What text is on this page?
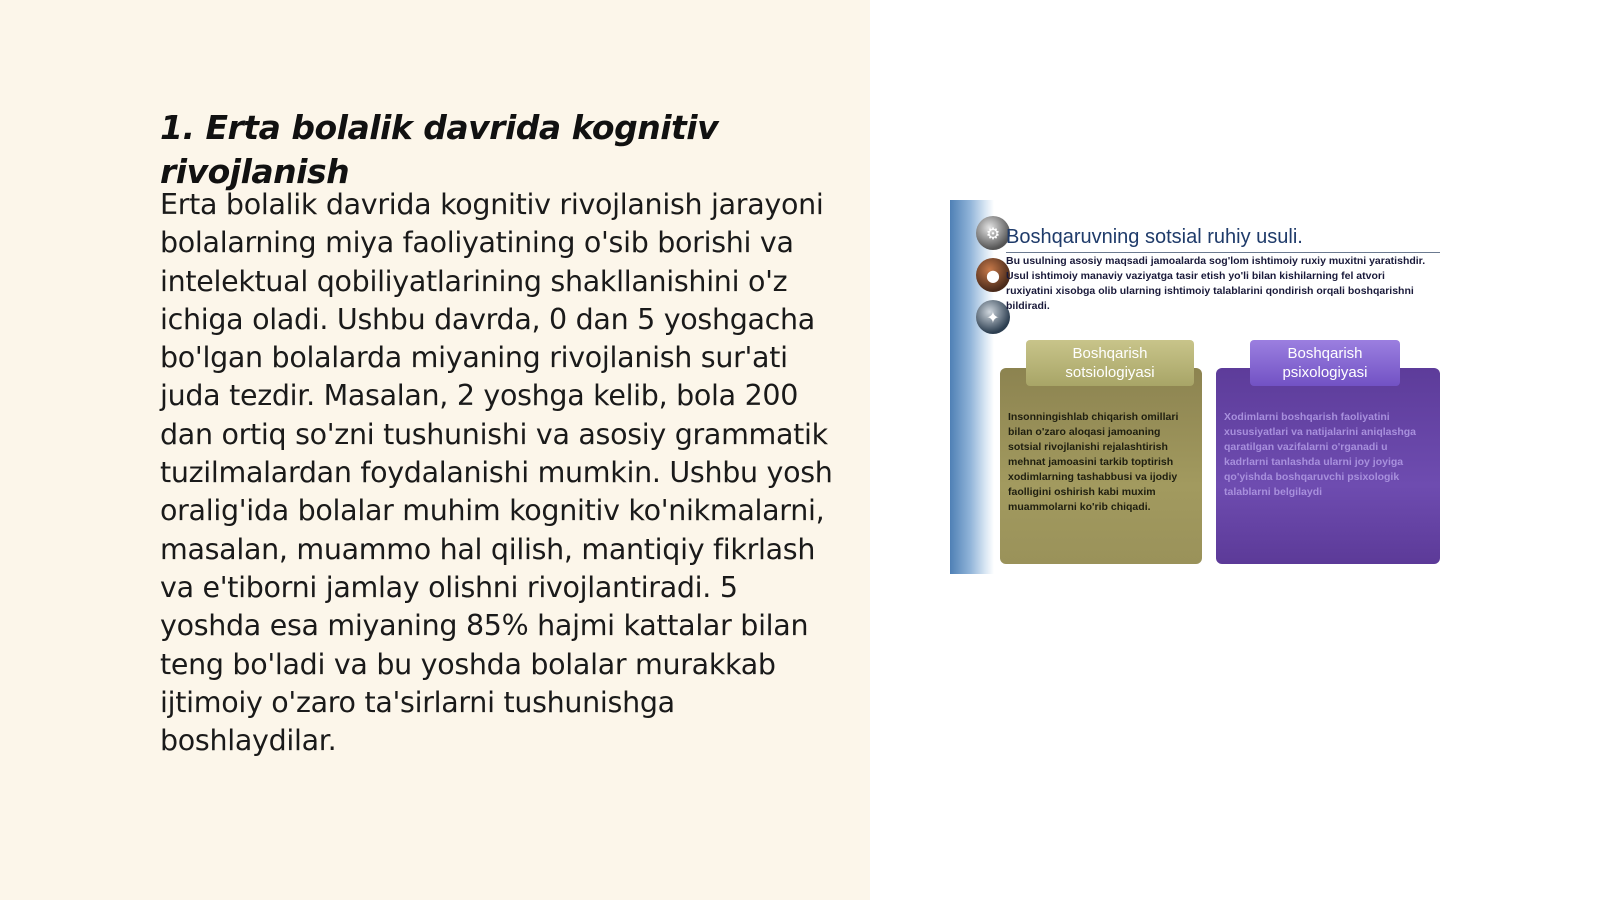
1. Erta bolalik davrida kognitiv rivojlanish

Erta bolalik davrida kognitiv rivojlanish jarayoni bolalarning miya faoliyatining o'sib borishi va intelektual qobiliyatlarining shakllanishini o'z ichiga oladi. Ushbu davrda, 0 dan 5 yoshgacha bo'lgan bolalarda miyaning rivojlanish sur'ati juda tezdir. Masalan, 2 yoshga kelib, bola 200 dan ortiq so'zni tushunishi va asosiy grammatik tuzilmalardan foydalanishi mumkin. Ushbu yosh oralig'ida bolalar muhim kognitiv ko'nikmalarni, masalan, muammo hal qilish, mantiqiy fikrlash va e'tiborni jamlay olishni rivojlantiradi. 5 yoshda esa miyaning 85% hajmi kattalar bilan teng bo'ladi va bu yoshda bolalar murakkab ijtimoiy o'zaro ta'sirlarni tushunishga boshlaydilar.

⚙
●
✦
Boshqaruvning sotsial ruhiy usuli.
Bu usulning asosiy maqsadi jamoalarda sog'lom ishtimoiy ruxiy muxitni yaratishdir. Usul ishtimoiy manaviy vaziyatga tasir etish yo'li bilan kishilarning fel atvori ruxiyatini xisobga olib ularning ishtimoiy talablarini qondirish orqali boshqarishni bildiradi.
Insonningishlab chiqarish omillari bilan o'zaro aloqasi jamoaning sotsial rivojlanishi rejalashtirish mehnat jamoasini tarkib toptirish xodimlarning tashabbusi va ijodiy faolligini oshirish kabi muxim muammolarni ko'rib chiqadi.
Xodimlarni boshqarish faoliyatini xususiyatlari va natijalarini aniqlashga qaratilgan vazifalarni o'rganadi u kadrlarni tanlashda ularni joy joyiga qo'yishda boshqaruvchi psixologik talablarni belgilaydi
Boshqarish sotsiologiyasi
Boshqarish psixologiyasi
